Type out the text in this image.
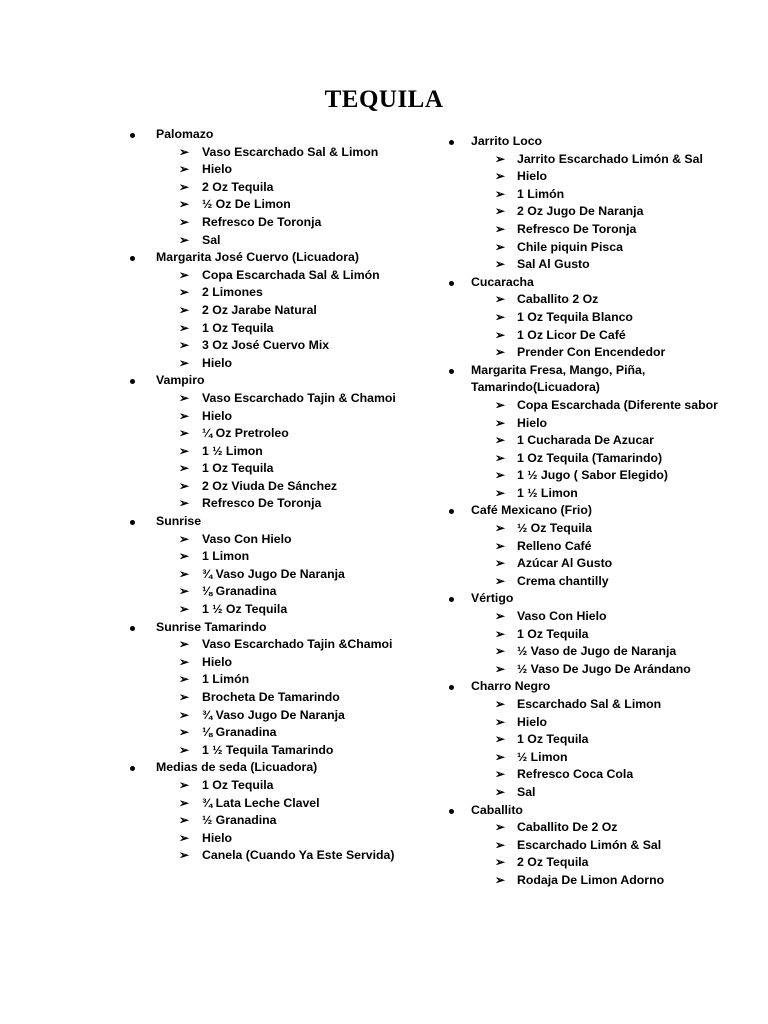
TEQUILA
Palomazo
➢ Vaso Escarchado Sal & Limon
➢ Hielo
➢ 2 Oz Tequila
➢ ½ Oz De Limon
➢ Refresco De Toronja
➢ Sal
Margarita José Cuervo (Licuadora)
➢ Copa Escarchada Sal & Limón
➢ 2 Limones
➢ 2 Oz Jarabe Natural
➢ 1 Oz Tequila
➢ 3 Oz José Cuervo Mix
➢ Hielo
Vampiro
➢ Vaso Escarchado Tajin & Chamoi
➢ Hielo
➢ ¼ Oz Pretroleo
➢ 1 ½ Limon
➢ 1 Oz Tequila
➢ 2 Oz Viuda De Sánchez
➢ Refresco De Toronja
Sunrise
➢ Vaso Con Hielo
➢ 1 Limon
➢ ¾ Vaso Jugo De Naranja
➢ ⅛ Granadina
➢ 1 ½ Oz Tequila
Sunrise Tamarindo
➢ Vaso Escarchado Tajin &Chamoi
➢ Hielo
➢ 1 Limón
➢ Brocheta De Tamarindo
➢ ¾ Vaso Jugo De Naranja
➢ ⅛ Granadina
➢ 1 ½ Tequila Tamarindo
Medias de seda (Licuadora)
➢ 1 Oz Tequila
➢ ¾ Lata Leche Clavel
➢ ½ Granadina
➢ Hielo
➢ Canela (Cuando Ya Este Servida)
Jarrito Loco
➢ Jarrito Escarchado Limón & Sal
➢ Hielo
➢ 1 Limón
➢ 2 Oz Jugo De Naranja
➢ Refresco De Toronja
➢ Chile piquin Pisca
➢ Sal Al Gusto
Cucaracha
➢ Caballito 2 Oz
➢ 1 Oz Tequila Blanco
➢ 1 Oz Licor De Café
➢ Prender Con Encendedor
Margarita Fresa, Mango, Piña,
Tamarindo(Licuadora)
➢ Copa Escarchada (Diferente sabor
➢ Hielo
➢ 1 Cucharada De Azucar
➢ 1 Oz Tequila (Tamarindo)
➢ 1 ½ Jugo ( Sabor Elegido)
➢ 1 ½ Limon
Café Mexicano (Frio)
➢ ½ Oz Tequila
➢ Relleno Café
➢ Azúcar Al Gusto
➢ Crema chantilly
Vértigo
➢ Vaso Con Hielo
➢ 1 Oz Tequila
➢ ½ Vaso de Jugo de Naranja
➢ ½ Vaso De Jugo De Arándano
Charro Negro
➢ Escarchado Sal & Limon
➢ Hielo
➢ 1 Oz Tequila
➢ ½ Limon
➢ Refresco Coca Cola
➢ Sal
Caballito
➢ Caballito De 2 Oz
➢ Escarchado Limón & Sal
➢ 2 Oz Tequila
➢ Rodaja De Limon Adorno
